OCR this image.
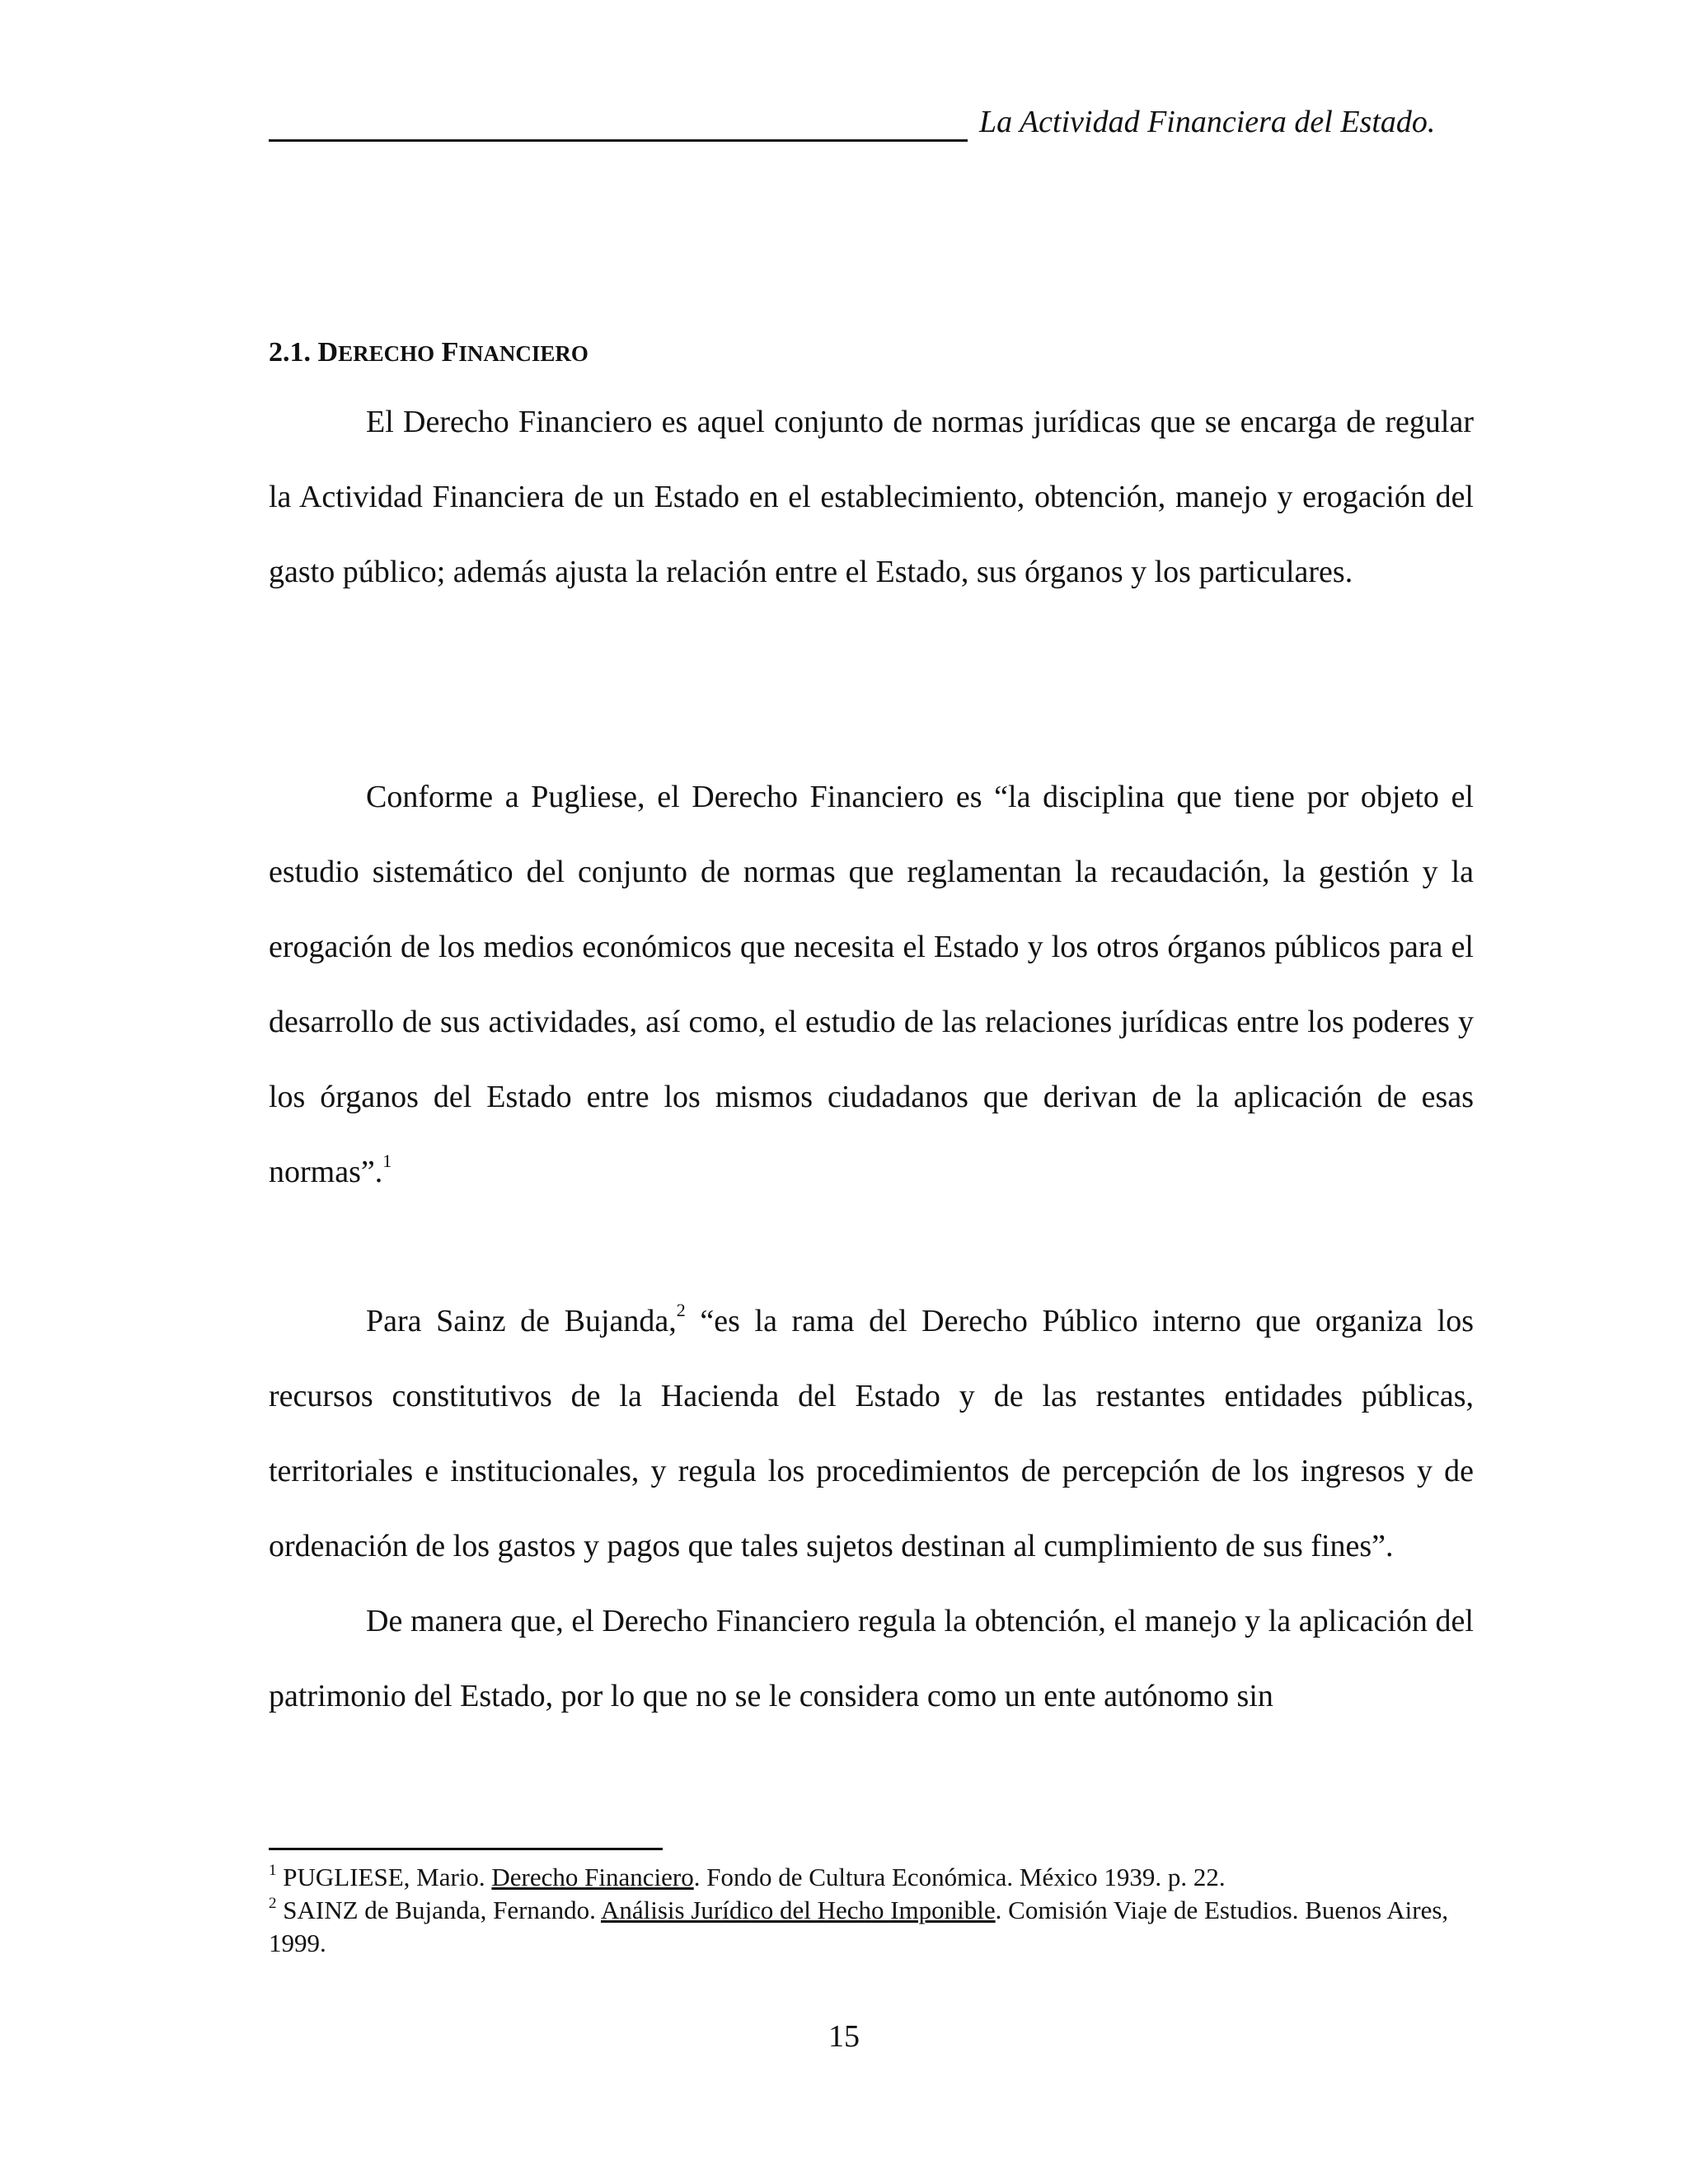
La Actividad Financiera del Estado.
2.1. DERECHO FINANCIERO

El Derecho Financiero es aquel conjunto de normas jurídicas que se encarga de regular la Actividad Financiera de un Estado en el establecimiento, obtención, manejo y erogación del gasto público; además ajusta la relación entre el Estado, sus órganos y los particulares.

Conforme a Pugliese, el Derecho Financiero es “la disciplina que tiene por objeto el estudio sistemático del conjunto de normas que reglamentan la recaudación, la gestión y la erogación de los medios económicos que necesita el Estado y los otros órganos públicos para el desarrollo de sus actividades, así como, el estudio de las relaciones jurídicas entre los poderes y los órganos del Estado entre los mismos ciudadanos que derivan de la aplicación de esas normas”.$^1$

Para Sainz de Bujanda,$^2$ “es la rama del Derecho Público interno que organiza los recursos constitutivos de la Hacienda del Estado y de las restantes entidades públicas, territoriales e institucionales, y regula los procedimientos de percepción de los ingresos y de ordenación de los gastos y pagos que tales sujetos destinan al cumplimiento de sus fines”.

De manera que, el Derecho Financiero regula la obtención, el manejo y la aplicación del patrimonio del Estado, por lo que no se le considera como un ente autónomo sin

$^1$ PUGLIESE, Mario. Derecho Financiero. Fondo de Cultura Económica. México 1939. p. 22.

$^2$ SAINZ de Bujanda, Fernando. Análisis Jurídico del Hecho Imponible. Comisión Viaje de Estudios. Buenos Aires, 1999.

15
